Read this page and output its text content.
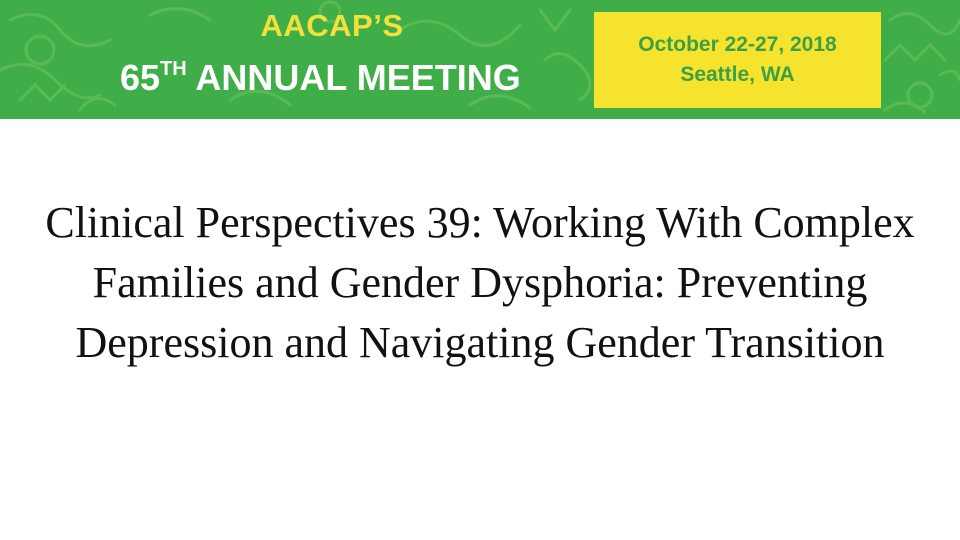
AACAP’S
65TH ANNUAL MEETING
October 22-27, 2018
Seattle, WA
Clinical Perspectives 39: Working With Complex Families and Gender Dysphoria: Preventing Depression and Navigating Gender Transition
